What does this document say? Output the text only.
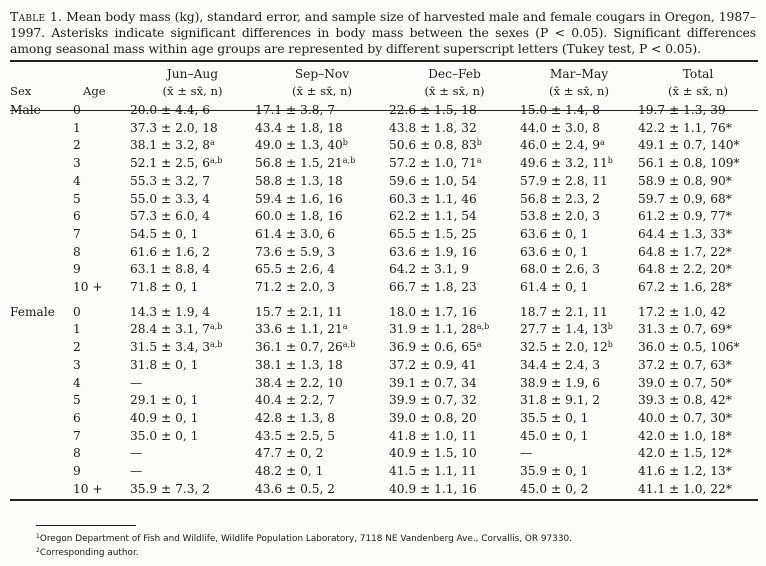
Table 1. Mean body mass (kg), standard error, and sample size of harvested male and female cougars in Oregon, 1987–1997. Asterisks indicate significant differences in body mass between the sexes (P < 0.05). Significant differences among seasonal mass within age groups are represented by different superscript letters (Tukey test, P < 0.05).
		Jun–Aug	Sep–Nov	Dec–Feb	Mar–May	Total
Sex	Age	(x̄ ± sx̄, n)	(x̄ ± sx̄, n)	(x̄ ± sx̄, n)	(x̄ ± sx̄, n)	(x̄ ± sx̄, n)
Male	0	20.0 ± 4.4, 6	17.1 ± 3.8, 7	22.6 ± 1.5, 18	15.0 ± 1.4, 8	19.7 ± 1.3, 39
	1	37.3 ± 2.0, 18	43.4 ± 1.8, 18	43.8 ± 1.8, 32	44.0 ± 3.0, 8	42.2 ± 1.1, 76*
	2	38.1 ± 3.2, 8$^a$	49.0 ± 1.3, 40$^b$	50.6 ± 0.8, 83$^b$	46.0 ± 2.4, 9$^a$	49.1 ± 0.7, 140*
	3	52.1 ± 2.5, 6$^{a,b}$	56.8 ± 1.5, 21$^{a,b}$	57.2 ± 1.0, 71$^a$	49.6 ± 3.2, 11$^b$	56.1 ± 0.8, 109*
	4	55.3 ± 3.2, 7	58.8 ± 1.3, 18	59.6 ± 1.0, 54	57.9 ± 2.8, 11	58.9 ± 0.8, 90*
	5	55.0 ± 3.3, 4	59.4 ± 1.6, 16	60.3 ± 1.1, 46	56.8 ± 2.3, 2	59.7 ± 0.9, 68*
	6	57.3 ± 6.0, 4	60.0 ± 1.8, 16	62.2 ± 1.1, 54	53.8 ± 2.0, 3	61.2 ± 0.9, 77*
	7	54.5 ± 0, 1	61.4 ± 3.0, 6	65.5 ± 1.5, 25	63.6 ± 0, 1	64.4 ± 1.3, 33*
	8	61.6 ± 1.6, 2	73.6 ± 5.9, 3	63.6 ± 1.9, 16	63.6 ± 0, 1	64.8 ± 1.7, 22*
	9	63.1 ± 8.8, 4	65.5 ± 2.6, 4	64.2 ± 3.1, 9	68.0 ± 2.6, 3	64.8 ± 2.2, 20*
	10 +	71.8 ± 0, 1	71.2 ± 2.0, 3	66.7 ± 1.8, 23	61.4 ± 0, 1	67.2 ± 1.6, 28*

Female	0	14.3 ± 1.9, 4	15.7 ± 2.1, 11	18.0 ± 1.7, 16	18.7 ± 2.1, 11	17.2 ± 1.0, 42
	1	28.4 ± 3.1, 7$^{a,b}$	33.6 ± 1.1, 21$^a$	31.9 ± 1.1, 28$^{a,b}$	27.7 ± 1.4, 13$^b$	31.3 ± 0.7, 69*
	2	31.5 ± 3.4, 3$^{a,b}$	36.1 ± 0.7, 26$^{a,b}$	36.9 ± 0.6, 65$^a$	32.5 ± 2.0, 12$^b$	36.0 ± 0.5, 106*
	3	31.8 ± 0, 1	38.1 ± 1.3, 18	37.2 ± 0.9, 41	34.4 ± 2.4, 3	37.2 ± 0.7, 63*
	4	—	38.4 ± 2.2, 10	39.1 ± 0.7, 34	38.9 ± 1.9, 6	39.0 ± 0.7, 50*
	5	29.1 ± 0, 1	40.4 ± 2.2, 7	39.9 ± 0.7, 32	31.8 ± 9.1, 2	39.3 ± 0.8, 42*
	6	40.9 ± 0, 1	42.8 ± 1.3, 8	39.0 ± 0.8, 20	35.5 ± 0, 1	40.0 ± 0.7, 30*
	7	35.0 ± 0, 1	43.5 ± 2.5, 5	41.8 ± 1.0, 11	45.0 ± 0, 1	42.0 ± 1.0, 18*
	8	—	47.7 ± 0, 2	40.9 ± 1.5, 10	—	42.0 ± 1.5, 12*
	9	—	48.2 ± 0, 1	41.5 ± 1.1, 11	35.9 ± 0, 1	41.6 ± 1.2, 13*
	10 +	35.9 ± 7.3, 2	43.6 ± 0.5, 2	40.9 ± 1.1, 16	45.0 ± 0, 2	41.1 ± 1.0, 22*
$^1$Oregon Department of Fish and Wildlife, Wildlife Population Laboratory, 7118 NE Vandenberg Ave., Corvallis, OR 97330.
$^2$Corresponding author.
